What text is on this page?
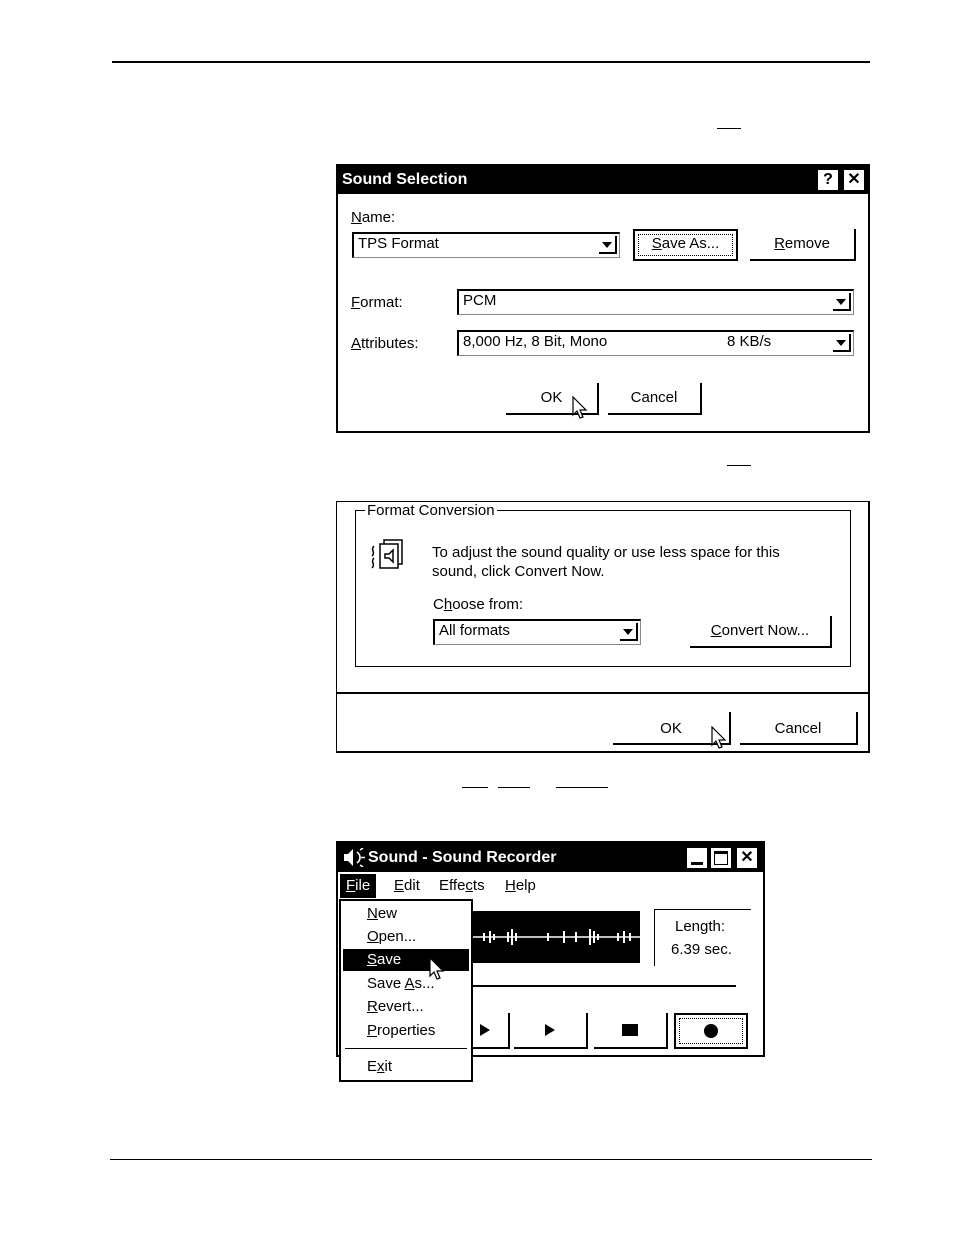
Sound Selection	? ✕
Name:
TPS Format	Save As...	Remove
Format:	PCM
Attributes:	8,000 Hz, 8 Bit, Mono	8 KB/s
OK	Cancel
Format Conversion
To adjust the sound quality or use less space for this sound, click Convert Now.
Choose from:
All formats	Convert Now...
OK	Cancel
Sound - Sound Recorder	✕
File	Edit Effects Help
Length:
6.39 sec.
New
Open...
Save
Save As...
Revert...
Properties
Exit
